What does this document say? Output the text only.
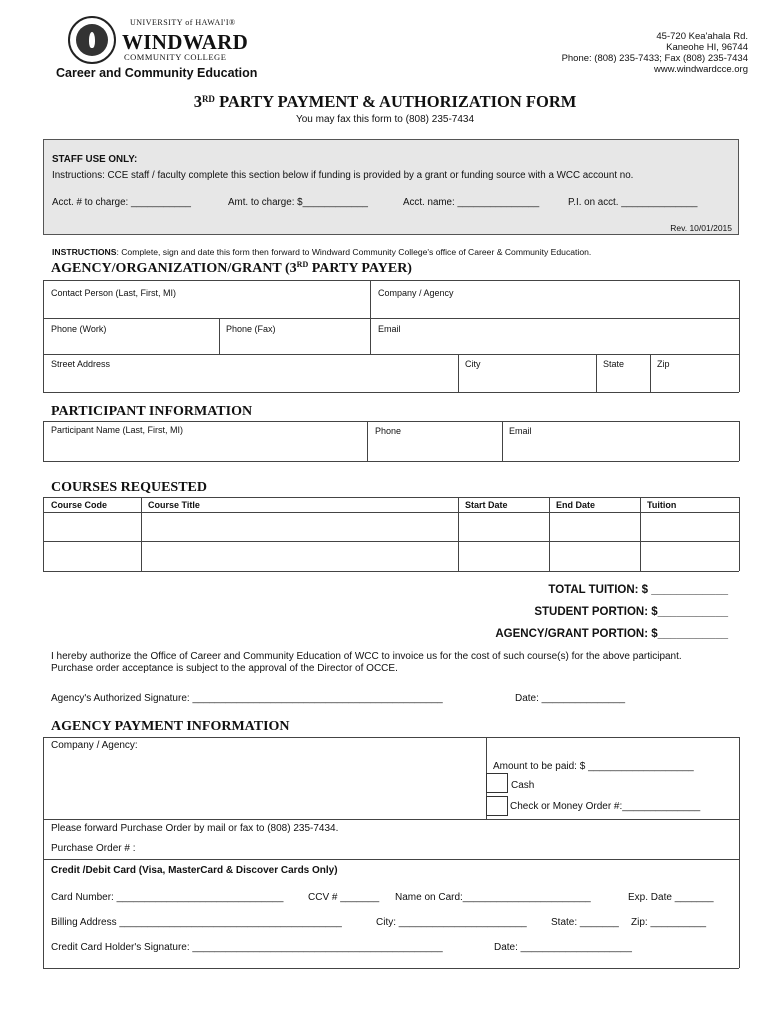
UNIVERSITY of HAWAI'I®
WINDWARD
COMMUNITY COLLEGE
Career and Community Education
45-720 Kea'ahala Rd.
Kaneohe HI, 96744
Phone: (808) 235-7433; Fax (808) 235-7434
www.windwardcce.org
3RD PARTY PAYMENT & AUTHORIZATION FORM
You may fax this form to (808) 235-7434
STAFF USE ONLY:
Instructions: CCE staff / faculty complete this section below if funding is provided by a grant or funding source with a WCC account no.
Acct. # to charge: ___________	Amt. to charge: $____________	Acct. name: _______________	P.I. on acct. ______________
Rev. 10/01/2015
INSTRUCTIONS: Complete, sign and date this form then forward to Windward Community College's office of Career & Community Education.
AGENCY/ORGANIZATION/GRANT (3RD PARTY PAYER)
Contact Person (Last, First, MI)	Company / Agency
Phone (Work)	Phone (Fax)	Email
Street Address	City	State	Zip
PARTICIPANT INFORMATION
Participant Name (Last, First, MI)	Phone	Email
COURSES REQUESTED
Course Code	Course Title	Start Date	End Date	Tuition
TOTAL TUITION: $ ____________
STUDENT PORTION: $___________
AGENCY/GRANT PORTION: $___________
I hereby authorize the Office of Career and Community Education of WCC to invoice us for the cost of such course(s) for the above participant. Purchase order acceptance is subject to the approval of the Director of OCCE.
Agency's Authorized Signature: _____________________________________________	Date: _______________
AGENCY PAYMENT INFORMATION
Company / Agency:
Amount to be paid: $ ___________________
Cash
Check or Money Order #:______________
Please forward Purchase Order by mail or fax to (808) 235-7434.
Purchase Order # :
Credit /Debit Card (Visa, MasterCard & Discover Cards Only)
Card Number: ______________________________ CCV # _______ Name on Card:_______________________	Exp. Date _______
Billing Address ________________________________________	City: _______________________ State: _______ Zip: __________
Credit Card Holder's Signature: _____________________________________________	Date: ____________________
